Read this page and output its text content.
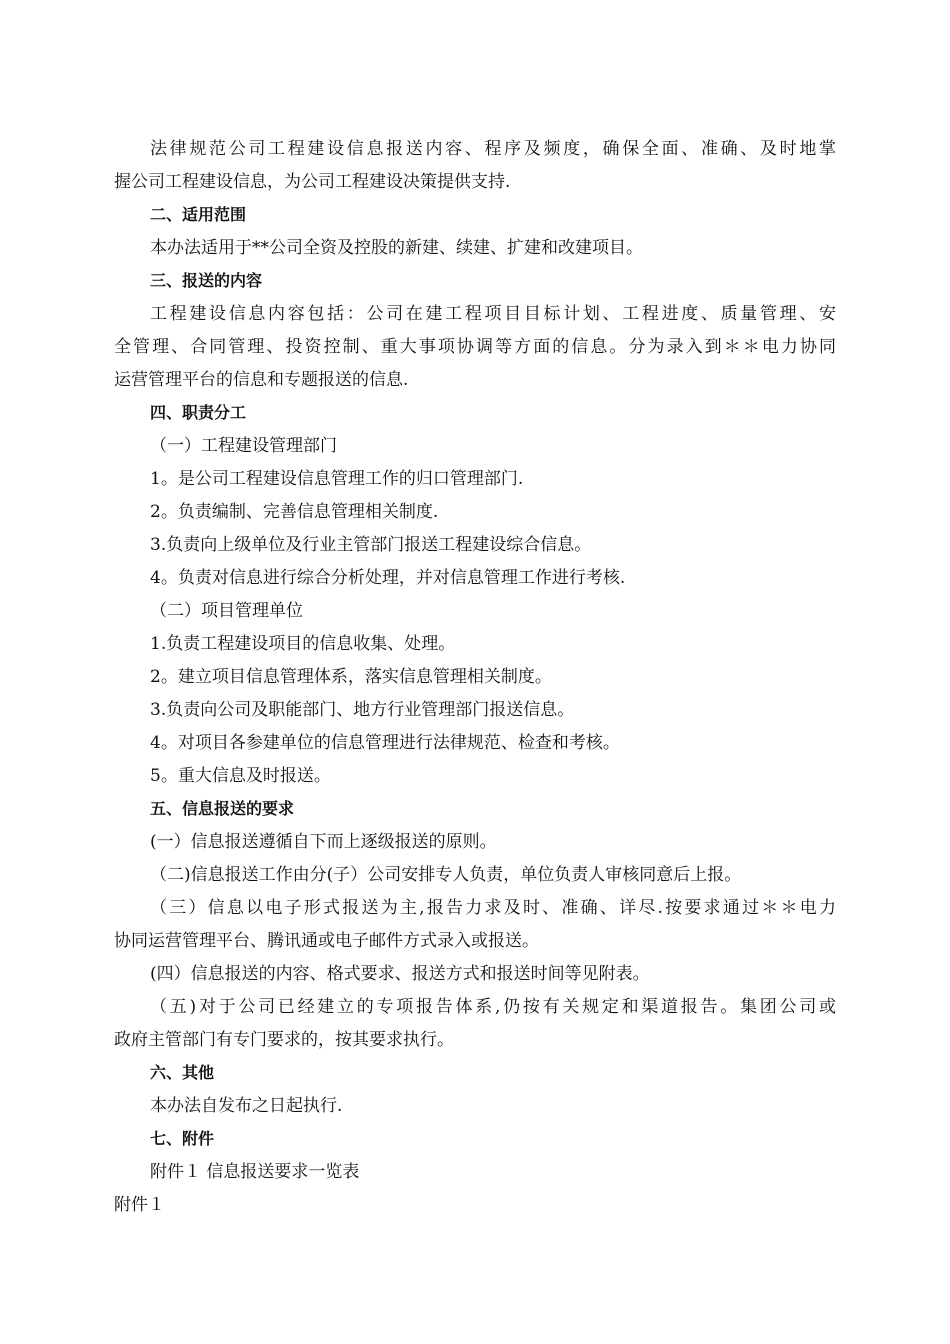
法律规范公司工程建设信息报送内容、程序及频度，确保全面、准确、及时地掌
握公司工程建设信息，为公司工程建设决策提供支持.
二、适用范围
本办法适用于**公司全资及控股的新建、续建、扩建和改建项目。
三、报送的内容
工程建设信息内容包括：公司在建工程项目目标计划、工程进度、质量管理、安
全管理、合同管理、投资控制、重大事项协调等方面的信息。分为录入到＊＊电力协同
运营管理平台的信息和专题报送的信息.
四、职责分工
（一）工程建设管理部门
1。是公司工程建设信息管理工作的归口管理部门.
2。负责编制、完善信息管理相关制度.
3.负责向上级单位及行业主管部门报送工程建设综合信息。
4。负责对信息进行综合分析处理，并对信息管理工作进行考核.
（二）项目管理单位
1.负责工程建设项目的信息收集、处理。
2。建立项目信息管理体系，落实信息管理相关制度。
3.负责向公司及职能部门、地方行业管理部门报送信息。
4。对项目各参建单位的信息管理进行法律规范、检查和考核。
5。重大信息及时报送。
五、信息报送的要求
(一）信息报送遵循自下而上逐级报送的原则。
（二)信息报送工作由分(子）公司安排专人负责，单位负责人审核同意后上报。
（三）信息以电子形式报送为主,报告力求及时、准确、详尽.按要求通过＊＊电力
协同运营管理平台、腾讯通或电子邮件方式录入或报送。
(四）信息报送的内容、格式要求、报送方式和报送时间等见附表。
（五)对于公司已经建立的专项报告体系,仍按有关规定和渠道报告。集团公司或
政府主管部门有专门要求的，按其要求执行。
六、其他
本办法自发布之日起执行.
七、附件
附件１ 信息报送要求一览表
附件１
